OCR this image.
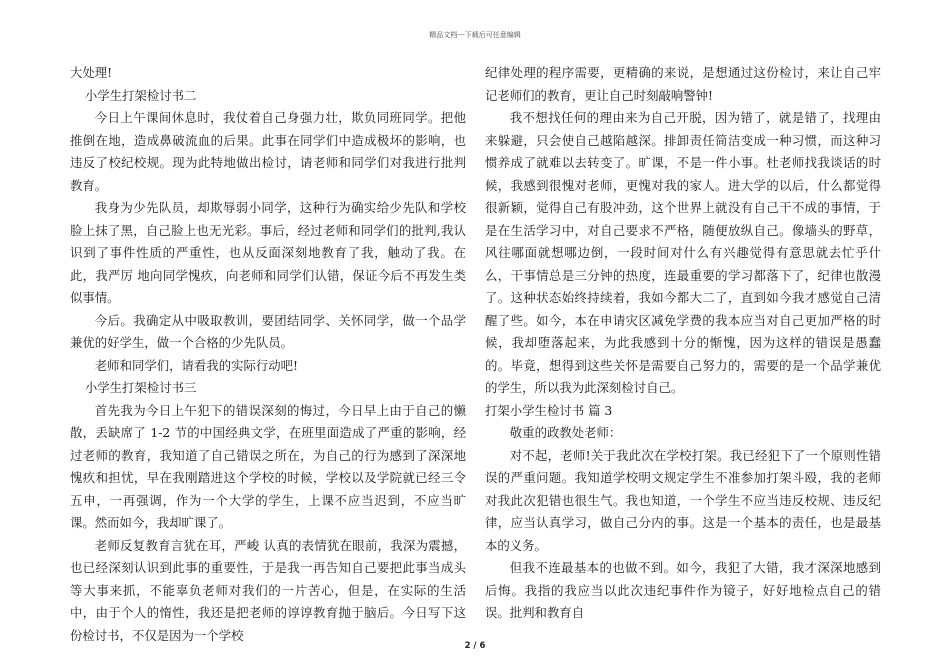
精品文档---下载后可任意编辑

大处理!

小学生打架检讨书二

今日上午课间休息时，我仗着自己身强力壮，欺负同班同学。把他推倒在地，造成鼻破流血的后果。此事在同学们中造成极坏的影响，也违反了校纪校规。现为此特地做出检讨，请老师和同学们对我进行批判教育。

我身为少先队员，却欺辱弱小同学，这种行为确实给少先队和学校脸上抹了黑，自己脸上也无光彩。事后，经过老师和同学们的批判,我认识到了事件性质的严重性，也从反面深刻地教育了我，触动了我。在此，我严厉 地向同学愧疚，向老师和同学们认错，保证今后不再发生类似事情。

今后。我确定从中吸取教训，要团结同学、关怀同学，做一个品学兼优的好学生，做一个合格的少先队员。

老师和同学们，请看我的实际行动吧!

小学生打架检讨书三

首先我为今日上午犯下的错误深刻的悔过，今日早上由于自己的懒散，丢缺席了 1-2 节的中国经典文学，在班里面造成了严重的影响，经过老师的教育，我知道了自己错误之所在，为自己的行为感到了深深地愧疚和担忧，早在我刚踏进这个学校的时候，学校以及学院就已经三令五申，一再强调，作为一个大学的学生，上课不应当迟到，不应当旷课。然而如今，我却旷课了。

老师反复教育言犹在耳，严峻 认真的表情犹在眼前，我深为震撼，也已经深刻认识到此事的重要性，于是我一再告知自己要把此事当成头等大事来抓，不能辜负老师对我们的一片苦心，但是，在实际的生活中，由于个人的惰性，我还是把老师的谆谆教育抛于脑后。今日写下这份检讨书，不仅是因为一个学校

纪律处理的程序需要，更精确的来说，是想通过这份检讨，来让自己牢记老师们的教育，更让自己时刻敲响警钟!

我不想找任何的理由来为自己开脱，因为错了，就是错了，找理由来躲避，只会使自己越陷越深。排卸责任简洁变成一种习惯，而这种习惯养成了就难以去转变了。旷课，不是一件小事。杜老师找我谈话的时候，我感到很愧对老师，更愧对我的家人。进大学的以后，什么都觉得很新颖，觉得自己有股冲劲，这个世界上就没有自己干不成的事情，于是在生活学习中，对自己要求不严格，随便放纵自己。像墙头的野草，风往哪面就想哪边倒，一段时间对什么有兴趣觉得有意思就去忙乎什么，干事情总是三分钟的热度，连最重要的学习都落下了，纪律也散漫了。这种状态始终持续着，我如今都大二了，直到如今我才感觉自己清醒了些。如今，本在申请灾区减免学费的我本应当对自己更加严格的时候，我却堕落起来，为此我感到十分的惭愧，因为这样的错误是愚蠢的。毕竟，想得到这些关怀是需要自己努力的，需要的是一个品学兼优的学生，所以我为此深刻检讨自己。

打架小学生检讨书 篇 3

敬重的政教处老师：

对不起，老师!关于我此次在学校打架。我已经犯下了一个原则性错误的严重问题。我知道学校明文规定学生不准参加打架斗殴，我的老师对我此次犯错也很生气。我也知道，一个学生不应当违反校规、违反纪律，应当认真学习，做自己分内的事。这是一个基本的责任，也是最基本的义务。

但我不连最基本的也做不到。如今，我犯了大错，我才深深地感到后悔。我指的我应当以此次违纪事件作为镜子，好好地检点自己的错误。批判和教育自

2 / 6
